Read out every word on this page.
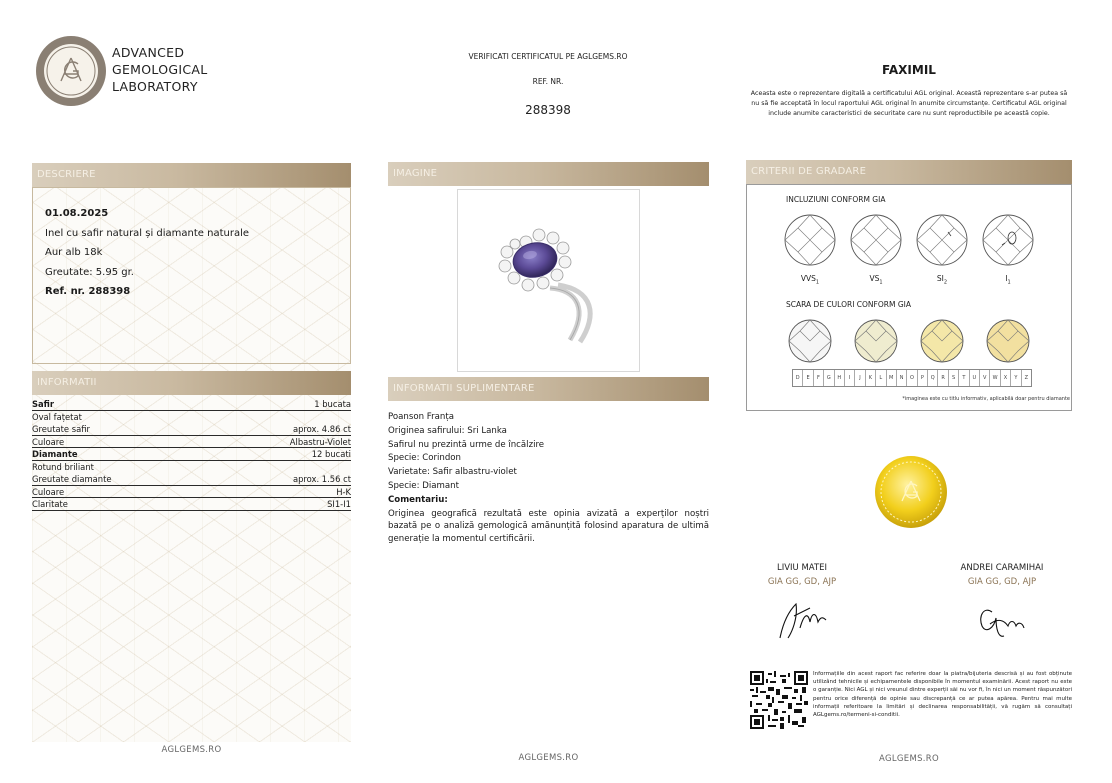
ADVANCED
GEMOLOGICAL
LABORATORY
VERIFICATI CERTIFICATUL PE AGLGEMS.RO
REF. NR.
288398
FAXIMIL
Aceasta este o reprezentare digitală a certificatului AGL original. Această reprezentare s-ar putea să nu să fie acceptată în locul raportului AGL original în anumite circumstanțe. Certificatul AGL original include anumite caracteristici de securitate care nu sunt reproductibile pe această copie.
DESCRIERE
01.08.2025
Inel cu safir natural și diamante naturale
Aur alb 18k
Greutate: 5.95 gr.
Ref. nr. 288398
INFORMATII
Safir	1 bucata
Oval fațetat
Greutate safir	aprox. 4.86 ct
Culoare	Albastru-Violet
Diamante	12 bucati
Rotund briliant
Greutate diamante	aprox. 1.56 ct
Culoare	H-K
Claritate	SI1-I1
AGLGEMS.RO
IMAGINE
INFORMATII SUPLIMENTARE
Poanson Franța
Originea safirului: Sri Lanka
Safirul nu prezintă urme de încălzire
Specie: Corindon
Varietate: Safir albastru-violet
Specie: Diamant
Comentariu:
Originea geografică rezultată este opinia avizată a experților noștri bazată pe o analiză gemologică amănunțită folosind aparatura de ultimă generație la momentul certificării.
AGLGEMS.RO
CRITERII DE GRADARE
INCLUZIUNI CONFORM GIA
$VVS_1$	$VS_1$	$SI_2$	$I_1$
SCARA DE CULORI CONFORM GIA
D	E	F	G	H	I	J	K	L	M	N	O	P	Q	R	S	T	U	V	W	X	Y	Z
*imaginea este cu titlu informativ, aplicabilă doar pentru diamante
LIVIU MATEI
GIA GG, GD, AJP
ANDREI CARAMIHAI
GIA GG, GD, AJP
Informațiile din acest raport fac referire doar la piatra/bijuteria descrisă și au fost obținute utilizând tehnicile și echipamentele disponibile în momentul examinării. Acest raport nu este o garanție. Nici AGL și nici vreunul dintre experții săi nu vor fi, în nici un moment răspunzători pentru orice diferență de opinie sau discrepanță ce ar putea apărea. Pentru mai multe informații referitoare la limitări și declinarea responsabilității, vă rugăm să consultați AGLgems.ro/termeni-si-conditii.
AGLGEMS.RO
